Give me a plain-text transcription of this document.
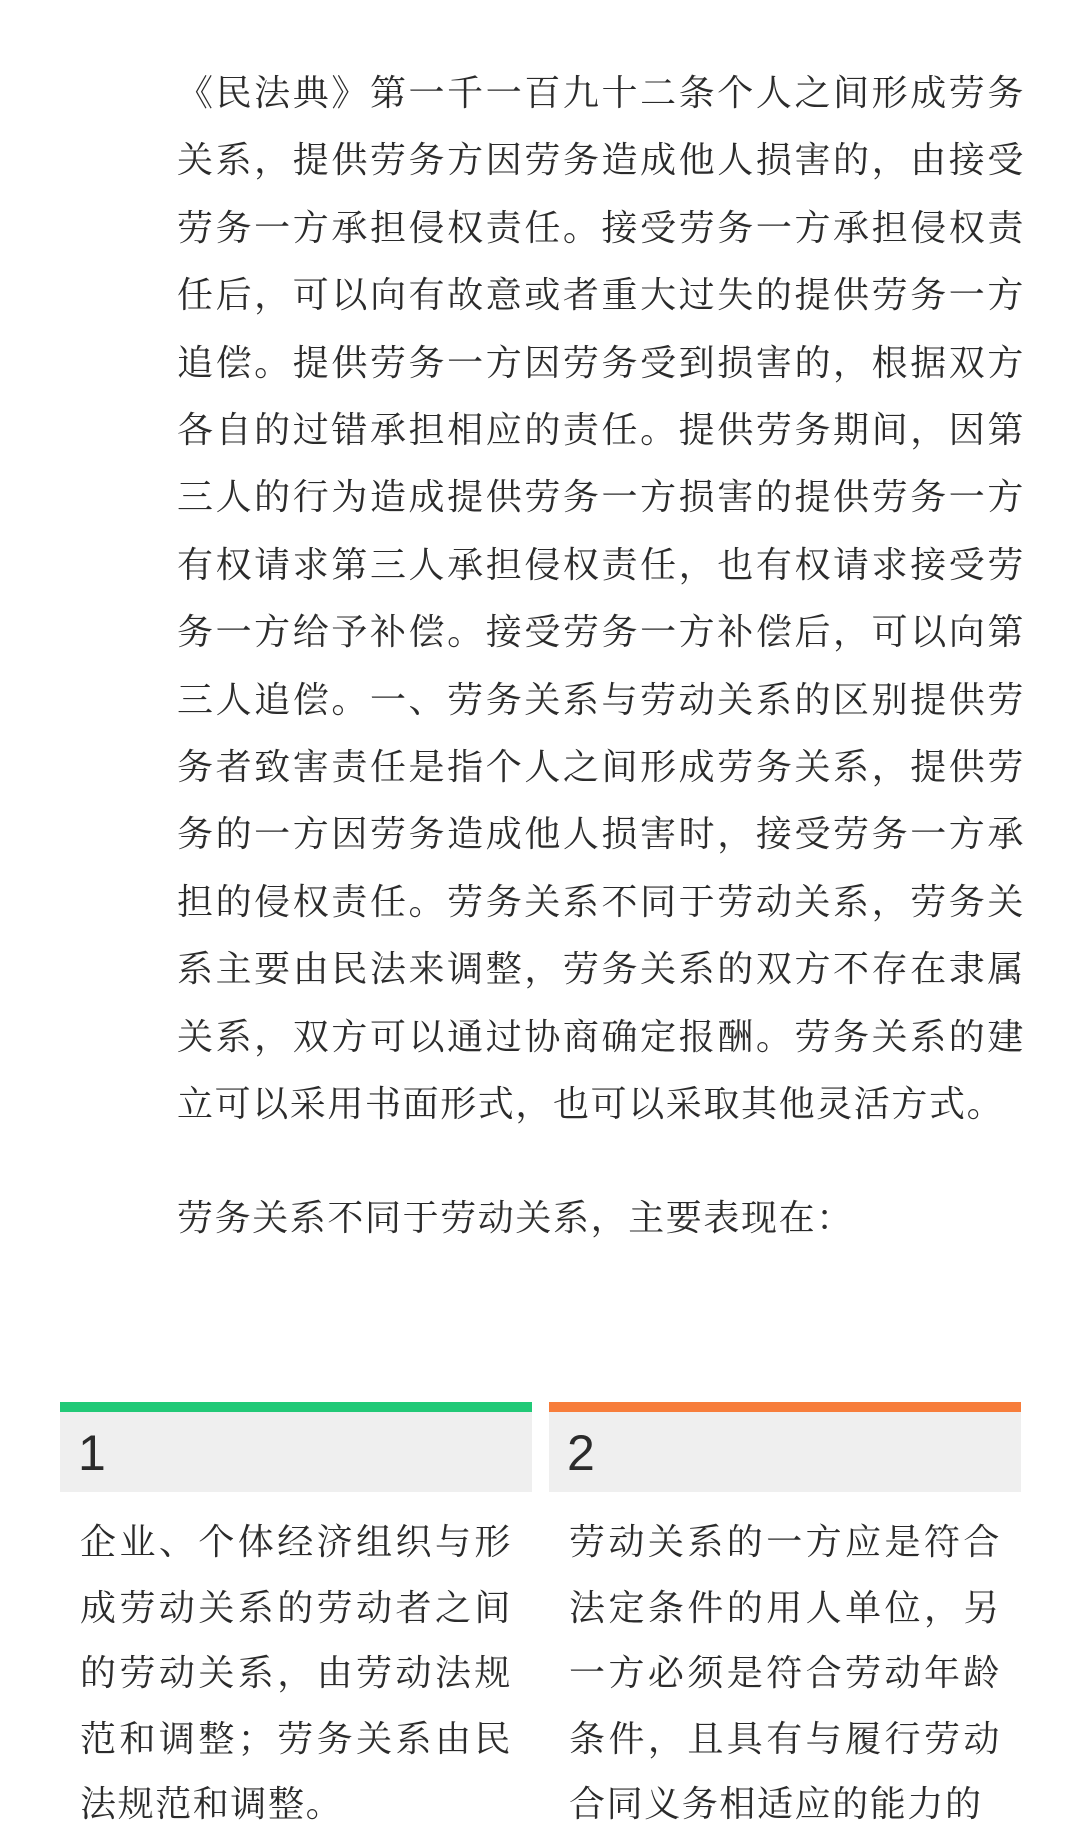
《民法典》第一千一百九十二条个人之间形成劳务关系，提供劳务方因劳务造成他人损害的，由接受劳务一方承担侵权责任。接受劳务一方承担侵权责任后，可以向有故意或者重大过失的提供劳务一方追偿。提供劳务一方因劳务受到损害的，根据双方各自的过错承担相应的责任。提供劳务期间，因第三人的行为造成提供劳务一方损害的提供劳务一方有权请求第三人承担侵权责任，也有权请求接受劳务一方给予补偿。接受劳务一方补偿后，可以向第三人追偿。一、劳务关系与劳动关系的区别提供劳务者致害责任是指个人之间形成劳务关系，提供劳务的一方因劳务造成他人损害时，接受劳务一方承担的侵权责任。劳务关系不同于劳动关系，劳务关系主要由民法来调整，劳务关系的双方不存在隶属关系，双方可以通过协商确定报酬。劳务关系的建立可以采用书面形式，也可以采取其他灵活方式。

劳务关系不同于劳动关系，主要表现在：

1
企业、个体经济组织与形成劳动关系的劳动者之间的劳动关系，由劳动法规范和调整；劳务关系由民法规范和调整。
2
劳动关系的一方应是符合法定条件的用人单位，另一方必须是符合劳动年龄条件，且具有与履行劳动合同义务相适应的能力的
